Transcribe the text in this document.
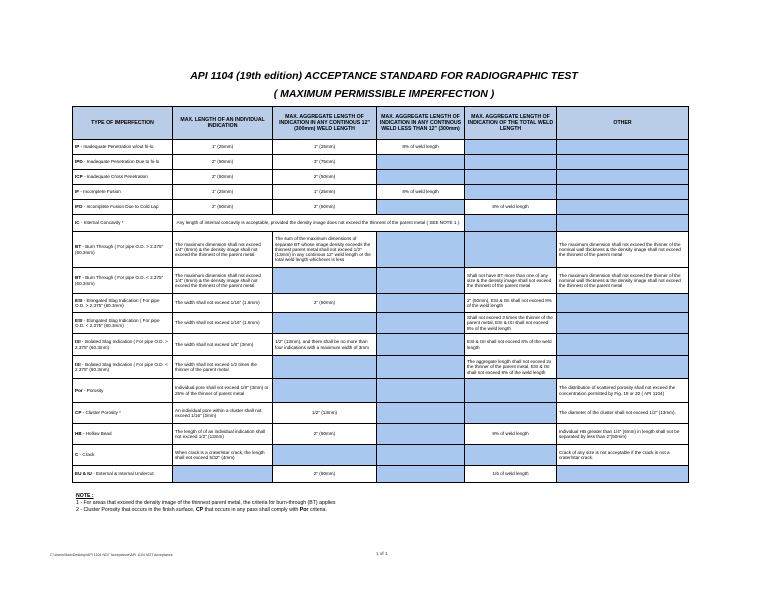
API 1104 (19th edition) ACCEPTANCE STANDARD FOR RADIOGRAPHIC TEST
( MAXIMUM PERMISSIBLE IMPERFECTION )
TYPE OF IMPERFECTION	MAX. LENGTH OF AN INDIVIDUAL INDICATION	MAX. AGGREGATE LENGTH OF INDICATION IN ANY CONTINOUS 12" (300mm) WELD LENGTH	MAX. AGGREGATE LENGTH OF INDICATION IN ANY CONTINOUS WELD LESS THAN 12" (300mm)	MAX. AGGREGATE LENGTH OF INDICATION OF THE TOTAL WELD LENGTH	OTHER
IP - Inadequate Penetration w/out hi-lo	1" (25mm)	1" (25mm)	8% of weld length		
IPD - Inadequate Penetration Due to hi-lo	2" (50mm)	3" (75mm)			
ICP - Inadequate Cross Penetration	2" (50mm)	2" (50mm)			
IF - Incomplete Fusion	1" (25mm)	1" (25mm)	8% of weld length		
IFD - Incomplete Fusion Due to Cold Lap	2" (50mm)	2" (50mm)		8% of weld length	
IC - Internal Concavity *	Any length of internal concavity is acceptable, provided the density image does not exceed the thinnest of the parent metal ( SEE NOTE 1 ).				
BT - Burn Through ( For pipe O.D. > 2.375" (60.3mm)	The maximum dimension shall not exceed 1/4" (6mm) & the density image shall not exceed the thinnest of the parent metal	The sum of the maximum dimensions of separate BT whose image density exceeds the thinnest parent metal shall not exceed 1/2" (13mm) in any continous 12" weld length or the total weld length whichever is less			The maximum dimension shall not exceed the thinner of the nominal wall thickness & the density image shall not exceed the thinnest of the parent metal
BT - Burn Through ( For pipe O.D. < 2.375" (60.3mm)	The maximum dimension shall not exceed 1/4" (6mm) & the density image shall not exceed the thinnest of the parent metal			Shall not have BT more than one of any size & the density image shall not exceed the thinnest of the parent metal	The maximum dimension shall not exceed the thinner of the nominal wall thickness & the density image shall not exceed the thinnest of the parent metal
ESI - Elongated Slag Indication ( For pipe O.D. > 2.375" (60.3mm)	The width shall not exceed 1/16" (1.6mm)	2" (50mm)		2" (50mm), ESI & ISI shall not exceed 8% of the weld length	
ESI - Elongated Slag Indication ( For pipe O.D. < 2.375" (60.3mm)	The width shall not exceed 1/16" (1.6mm)			Shall not exceed 3 times the thinner of the parent metal, ESI & ISI shall not exceed 8% of the weld length	
ISI - Isolated Slag Indication ( For pipe O.D. > 2.375" (60.3mm)	The width shall not exceed 1/8" (3mm)	1/2" (13mm), and there shall be no more than four indications with a maximum width of 3mm		ESI & ISI shall not exceed 8% of the weld length	
ISI - Isolated Slag Indication ( For pipe O.D. < 2.375" (60.3mm)	The width shall not exceed 1/2 times the thinner of the parent metal			The aggregate length shall not exceed 2x the thinner of the parent metal, ESI & ISI shall not exceed 8% of the weld length	
Por - Porosity	Individual pore shall not exceed 1/8" (3mm) or 25% of the thinner of parent metal				The distribution of scattered porosity shall not exceed the concentration permitted by Fig. 19 or 20 ( API 1104)
CP - Cluster Porosity *	An individual pore within a cluster shall not exceed 1/16" (2mm)	1/2" (13mm)			The diameter of the cluster shall not exceed 1/2" (13mm).
HB - Hollow Bead	The length of of an individual indication shall not exceed 1/2" (13mm)	2" (50mm)		8% of weld length	Individual HB greater than 1/4" (6mm) in length shall not be separated by less than 2"(50mm)
C - Crack	When crack is a crater/star crack, the length shall not exceed 5/32" (4mm)				Crack of any size is not acceptable if the crack is not a crater/star crack.
EU & IU - External & Internal Undercut		2" (50mm)		1/6 of weld length	
NOTE :
1 - For areas that exceed the density image of the thinnest parent metal, the criteria for burn-through (BT) applies
2 - Cluster Porosity that occurs in the finish surface, CP that occurs in any pass shall comply with Por criteria.
C:\Users\Ikan\Desktop\API 1104 NDT Acceptance\API 1104 NDT Acceptance	1 of 1
